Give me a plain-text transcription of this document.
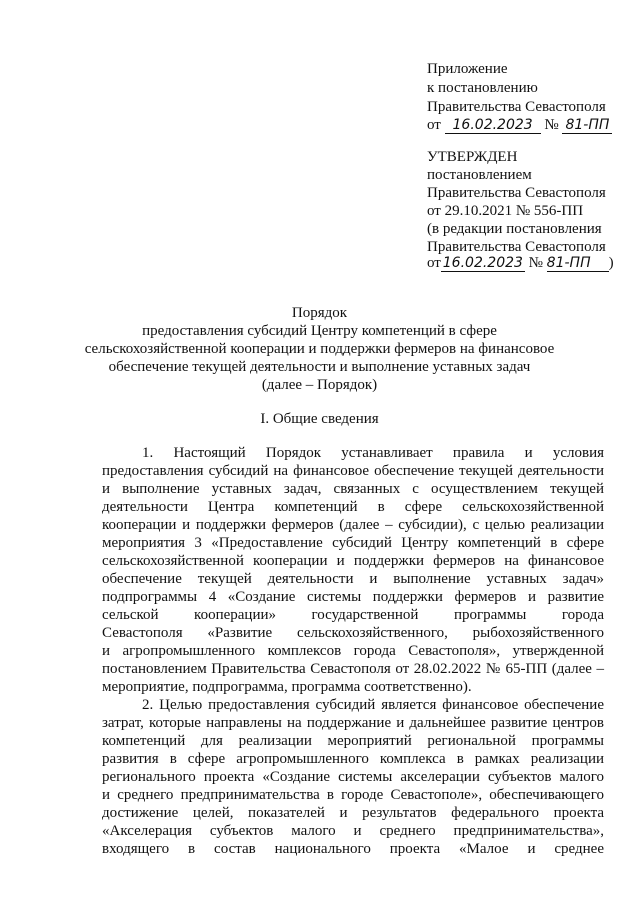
Приложение
к постановлению
Правительства Севастополя
от 16.02.2023 № 81-ПП
УТВЕРЖДЕН
постановлением
Правительства Севастополя
от 29.10.2021 № 556-ПП
(в редакции постановления
Правительства Севастополя
от 16.02.2023 № 81-ПП )
Порядок
предоставления субсидий Центру компетенций в сфере
сельскохозяйственной кооперации и поддержки фермеров на финансовое
обеспечение текущей деятельности и выполнение уставных задач
(далее – Порядок)
I. Общие сведения
1. Настоящий Порядок устанавливает правила и условия
предоставления субсидий на финансовое обеспечение текущей деятельности
и выполнение уставных задач, связанных с осуществлением текущей
деятельности Центра компетенций в сфере сельскохозяйственной
кооперации и поддержки фермеров (далее – субсидии), с целью реализации
мероприятия 3 «Предоставление субсидий Центру компетенций в сфере
сельскохозяйственной кооперации и поддержки фермеров на финансовое
обеспечение текущей деятельности и выполнение уставных задач»
подпрограммы 4 «Создание системы поддержки фермеров и развитие
сельской кооперации» государственной программы города
Севастополя «Развитие сельскохозяйственного, рыбохозяйственного
и агропромышленного комплексов города Севастополя», утвержденной
постановлением Правительства Севастополя от 28.02.2022 № 65-ПП (далее –
мероприятие, подпрограмма, программа соответственно).
2. Целью предоставления субсидий является финансовое обеспечение
затрат, которые направлены на поддержание и дальнейшее развитие центров
компетенций для реализации мероприятий региональной программы
развития в сфере агропромышленного комплекса в рамках реализации
регионального проекта «Создание системы акселерации субъектов малого
и среднего предпринимательства в городе Севастополе», обеспечивающего
достижение целей, показателей и результатов федерального проекта
«Акселерация субъектов малого и среднего предпринимательства»,
входящего в состав национального проекта «Малое и среднее
